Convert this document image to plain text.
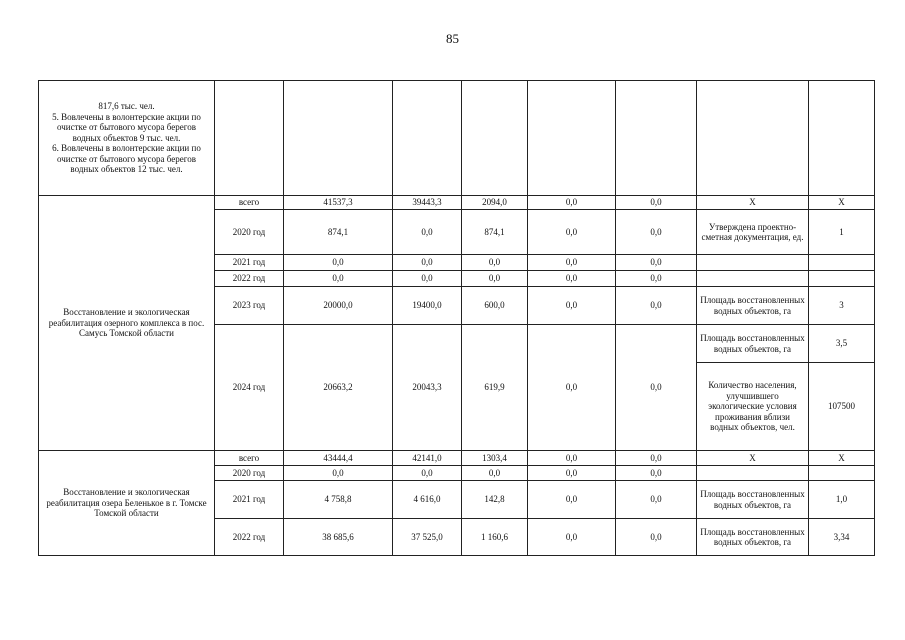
85
817,6 тыс. чел.
5. Вовлечены в волонтерские акции по очистке от бытового мусора берегов водных объектов 9 тыс. чел.
6. Вовлечены в волонтерские акции по очистке от бытового мусора берегов водных объектов 12 тыс. чел.								
Восстановление и экологическая реабилитация озерного комплекса в пос. Самусь Томской области	всего	41537,3	39443,3	2094,0	0,0	0,0	Х	Х
	2020 год	874,1	0,0	874,1	0,0	0,0	Утверждена проектно-сметная документация, ед.	1
	2021 год	0,0	0,0	0,0	0,0	0,0		
	2022 год	0,0	0,0	0,0	0,0	0,0		
	2023 год	20000,0	19400,0	600,0	0,0	0,0	Площадь восстановленных водных объектов, га	3
	2024 год	20663,2	20043,3	619,9	0,0	0,0	Площадь восстановленных водных объектов, га	3,5
							Количество населения, улучшившего экологические условия проживания вблизи водных объектов, чел.	107500
Восстановление и экологическая реабилитация озера Беленькое в г. Томске Томской области	всего	43444,4	42141,0	1303,4	0,0	0,0	Х	Х
	2020 год	0,0	0,0	0,0	0,0	0,0		
	2021 год	4 758,8	4 616,0	142,8	0,0	0,0	Площадь восстановленных водных объектов, га	1,0
	2022 год	38 685,6	37 525,0	1 160,6	0,0	0,0	Площадь восстановленных водных объектов, га	3,34
